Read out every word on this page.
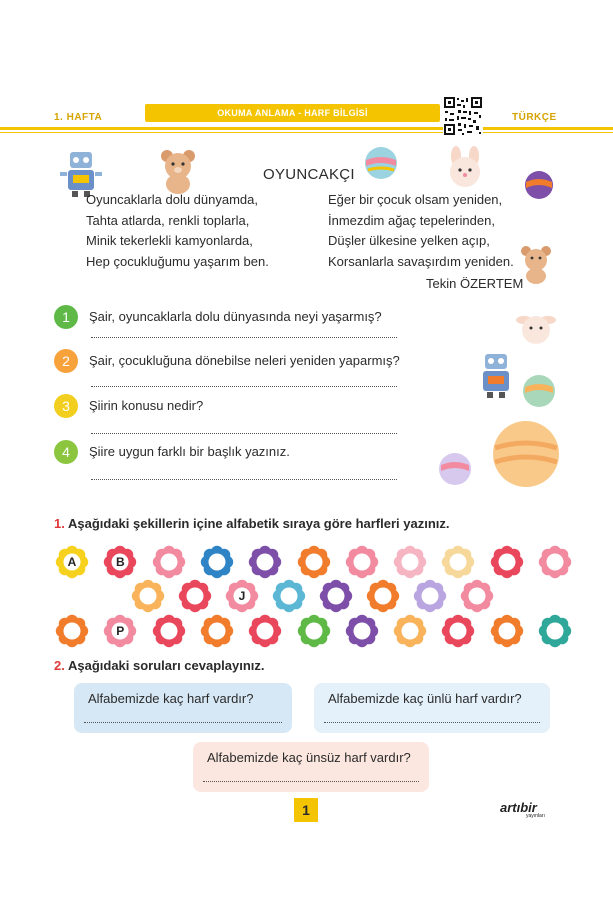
1. HAFTA	OKUMA ANLAMA - HARF BİLGİSİ	TÜRKÇE
OYUNCAKÇI
Oyuncaklarla dolu dünyamda,
Tahta atlarda, renkli toplarla,
Minik tekerlekli kamyonlarda,
Hep çocukluğumu yaşarım ben.
Eğer bir çocuk olsam yeniden,
İnmezdim ağaç tepelerinden,
Düşler ülkesine yelken açıp,
Korsanlarla savaşırdım yeniden.
Tekin ÖZERTEM
1	Şair, oyuncaklarla dolu dünyasında neyi yaşarmış?
2	Şair, çocukluğuna dönebilse neleri yeniden yaparmış?
3	Şiirin konusu nedir?
4	Şiire uygun farklı bir başlık yazınız.
1. Aşağıdaki şekillerin içine alfabetik sıraya göre harfleri yazınız.
A	B
J
P
2. Aşağıdaki soruları cevaplayınız.
Alfabemizde kaç harf vardır?	Alfabemizde kaç ünlü harf vardır?
Alfabemizde kaç ünsüz harf vardır?
1	artıbir
yayınları
